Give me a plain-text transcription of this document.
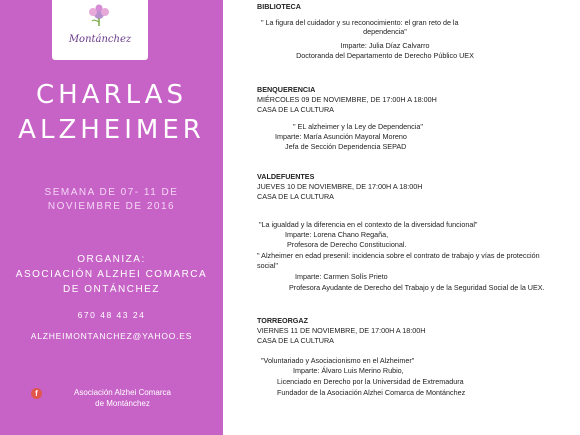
Montánchez
CHARLAS
ALZHEIMER
SEMANA DE 07- 11 DE
NOVIEMBRE DE 2016
ORGANIZA:
ASOCIACIÓN ALZHEI COMARCA
DE ONTÁNCHEZ
670 48 43 24
ALZHEIMONTANCHEZ@YAHOO.ES
f	Asociación Alzhei Comarca
de Montánchez
BIBLIOTECA
" La figura del cuidador y su reconocimiento: el gran reto de la
dependencia"
Imparte: Julia Díaz Calvarro
Doctoranda del Departamento de Derecho Público UEX
BENQUERENCIA
MIÉRCOLES 09 DE NOVIEMBRE, DE 17:00H A 18:00H
CASA DE LA CULTURA
" EL alzheimer y la Ley de Dependencia"
Imparte: María Asunción Mayoral Moreno
Jefa de Sección Dependencia SEPAD
VALDEFUENTES
JUEVES 10 DE NOVIEMBRE, DE 17:00H A 18:00H
CASA DE LA CULTURA
"La igualdad y la diferencia en el contexto de la diversidad funcional"
Imparte: Lorena Chano Regaña,
Profesora de Derecho Constitucional.
" Alzheimer en edad presenil: incidencia sobre el contrato de trabajo y vías de protección
social"
Imparte: Carmen Solís Prieto
Profesora Ayudante de Derecho del Trabajo y de la Seguridad Social de la UEX.
TORREORGAZ
VIERNES 11 DE NOVIEMBRE, DE 17:00H A 18:00H
CASA DE LA CULTURA
"Voluntariado y Asociacionismo en el Alzheimer"
Imparte: Álvaro Luis Merino Rubio,
Licenciado en Derecho por la Universidad de Extremadura
Fundador de la Asociación Alzhei Comarca de Montánchez
